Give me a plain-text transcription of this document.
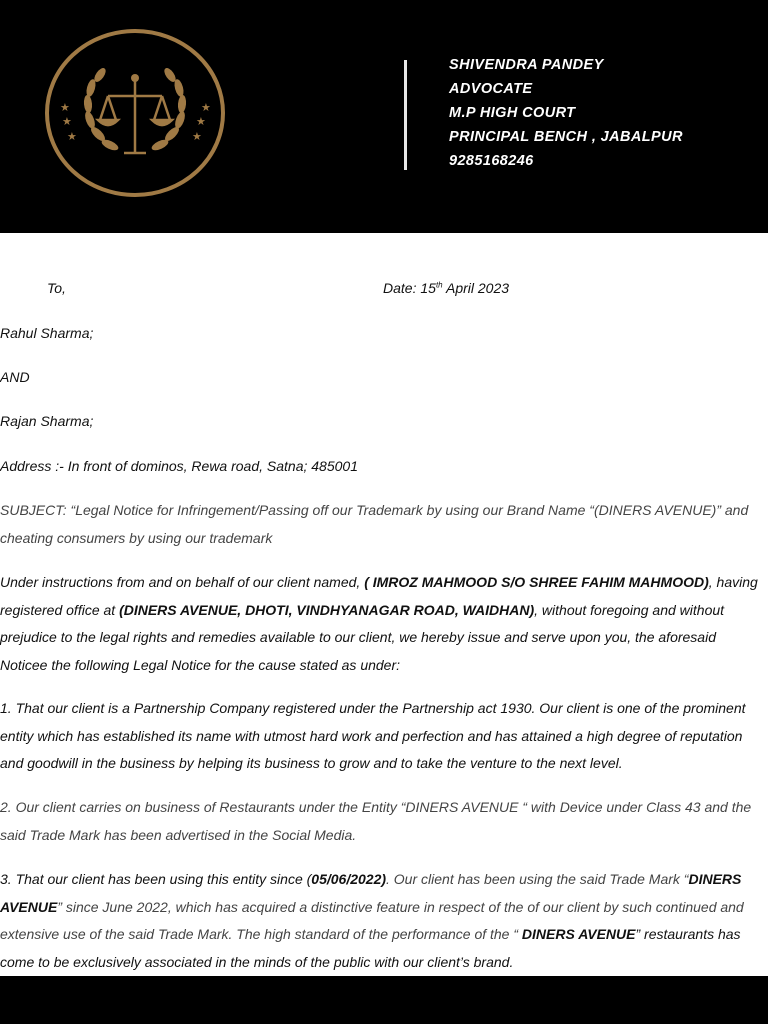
★
★
★
★
★
★
SHIVENDRA PANDEY
ADVOCATE
M.P HIGH COURT
PRINCIPAL BENCH , JABALPUR
9285168246
To,	Date: 15th April 2023
Rahul Sharma;
AND
Rajan Sharma;
Address :- In front of dominos, Rewa road, Satna; 485001
SUBJECT: “Legal Notice for Infringement/Passing off our Trademark by using our Brand Name “(DINERS AVENUE)” and cheating consumers by using our trademark
Under instructions from and on behalf of our client named, ( IMROZ MAHMOOD S/O SHREE FAHIM MAHMOOD), having registered office at (DINERS AVENUE, DHOTI, VINDHYANAGAR ROAD, WAIDHAN), without foregoing and without prejudice to the legal rights and remedies available to our client, we hereby issue and serve upon you, the aforesaid Noticee the following Legal Notice for the cause stated as under:
1. That our client is a Partnership Company registered under the Partnership act 1930. Our client is one of the prominent entity which has established its name with utmost hard work and perfection and has attained a high degree of reputation and goodwill in the business by helping its business to grow and to take the venture to the next level.
2. Our client carries on business of Restaurants under the Entity “DINERS AVENUE “ with Device under Class 43 and the said Trade Mark has been advertised in the Social Media.
3. That our client has been using this entity since (05/06/2022). Our client has been using the said Trade Mark “DINERS AVENUE” since June 2022, which has acquired a distinctive feature in respect of the of our client by such continued and extensive use of the said Trade Mark. The high standard of the performance of the “ DINERS AVENUE” restaurants has come to be exclusively associated in the minds of the public with our client’s brand.
